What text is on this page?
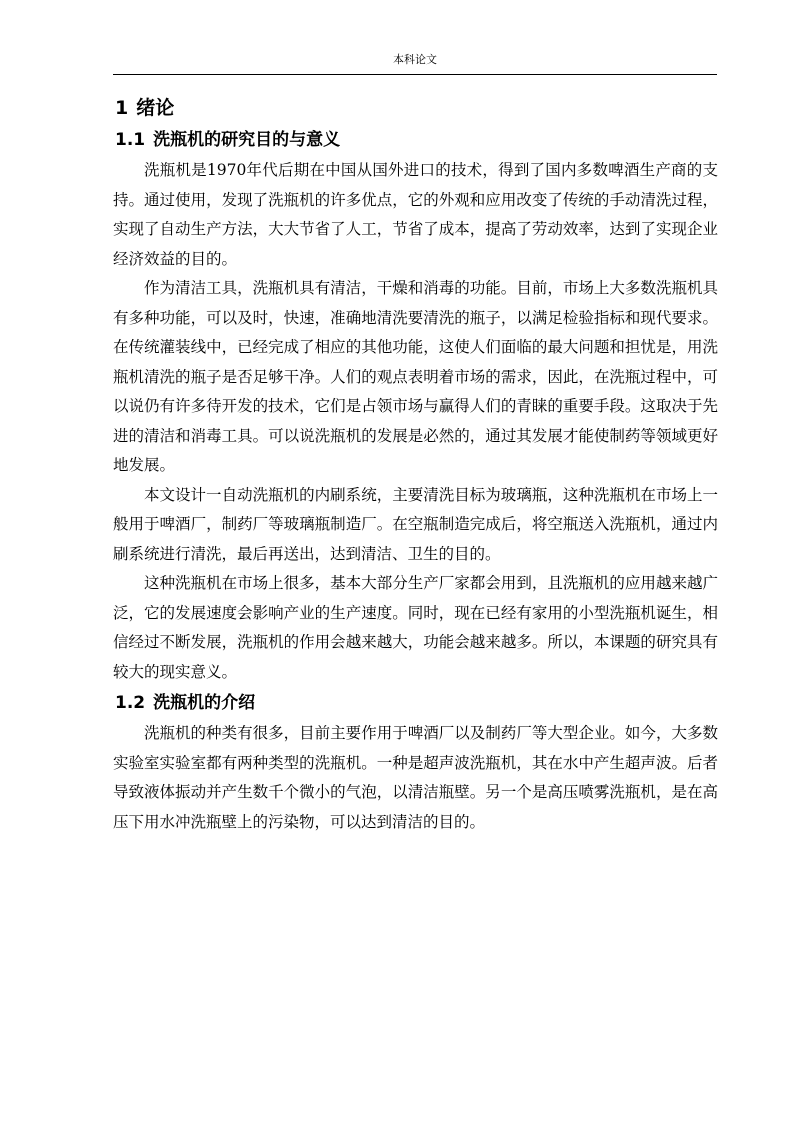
本科论文
1 绪论
1.1 洗瓶机的研究目的与意义

洗瓶机是1970年代后期在中国从国外进口的技术，得到了国内多数啤酒生产商的支持。通过使用，发现了洗瓶机的许多优点，它的外观和应用改变了传统的手动清洗过程，实现了自动生产方法，大大节省了人工，节省了成本，提高了劳动效率，达到了实现企业经济效益的目的。

作为清洁工具，洗瓶机具有清洁，干燥和消毒的功能。目前，市场上大多数洗瓶机具有多种功能，可以及时，快速，准确地清洗要清洗的瓶子，以满足检验指标和现代要求。在传统灌装线中，已经完成了相应的其他功能，这使人们面临的最大问题和担忧是，用洗瓶机清洗的瓶子是否足够干净。人们的观点表明着市场的需求，因此，在洗瓶过程中，可以说仍有许多待开发的技术，它们是占领市场与赢得人们的青睐的重要手段。这取决于先进的清洁和消毒工具。可以说洗瓶机的发展是必然的，通过其发展才能使制药等领域更好地发展。

本文设计一自动洗瓶机的内刷系统，主要清洗目标为玻璃瓶，这种洗瓶机在市场上一般用于啤酒厂，制药厂等玻璃瓶制造厂。在空瓶制造完成后，将空瓶送入洗瓶机，通过内刷系统进行清洗，最后再送出，达到清洁、卫生的目的。

这种洗瓶机在市场上很多，基本大部分生产厂家都会用到，且洗瓶机的应用越来越广泛，它的发展速度会影响产业的生产速度。同时，现在已经有家用的小型洗瓶机诞生，相信经过不断发展，洗瓶机的作用会越来越大，功能会越来越多。所以，本课题的研究具有较大的现实意义。

1.2 洗瓶机的介绍

洗瓶机的种类有很多，目前主要作用于啤酒厂以及制药厂等大型企业。如今，大多数实验室实验室都有两种类型的洗瓶机。一种是超声波洗瓶机，其在水中产生超声波。后者导致液体振动并产生数千个微小的气泡，以清洁瓶壁。另一个是高压喷雾洗瓶机，是在高压下用水冲洗瓶壁上的污染物，可以达到清洁的目的。
